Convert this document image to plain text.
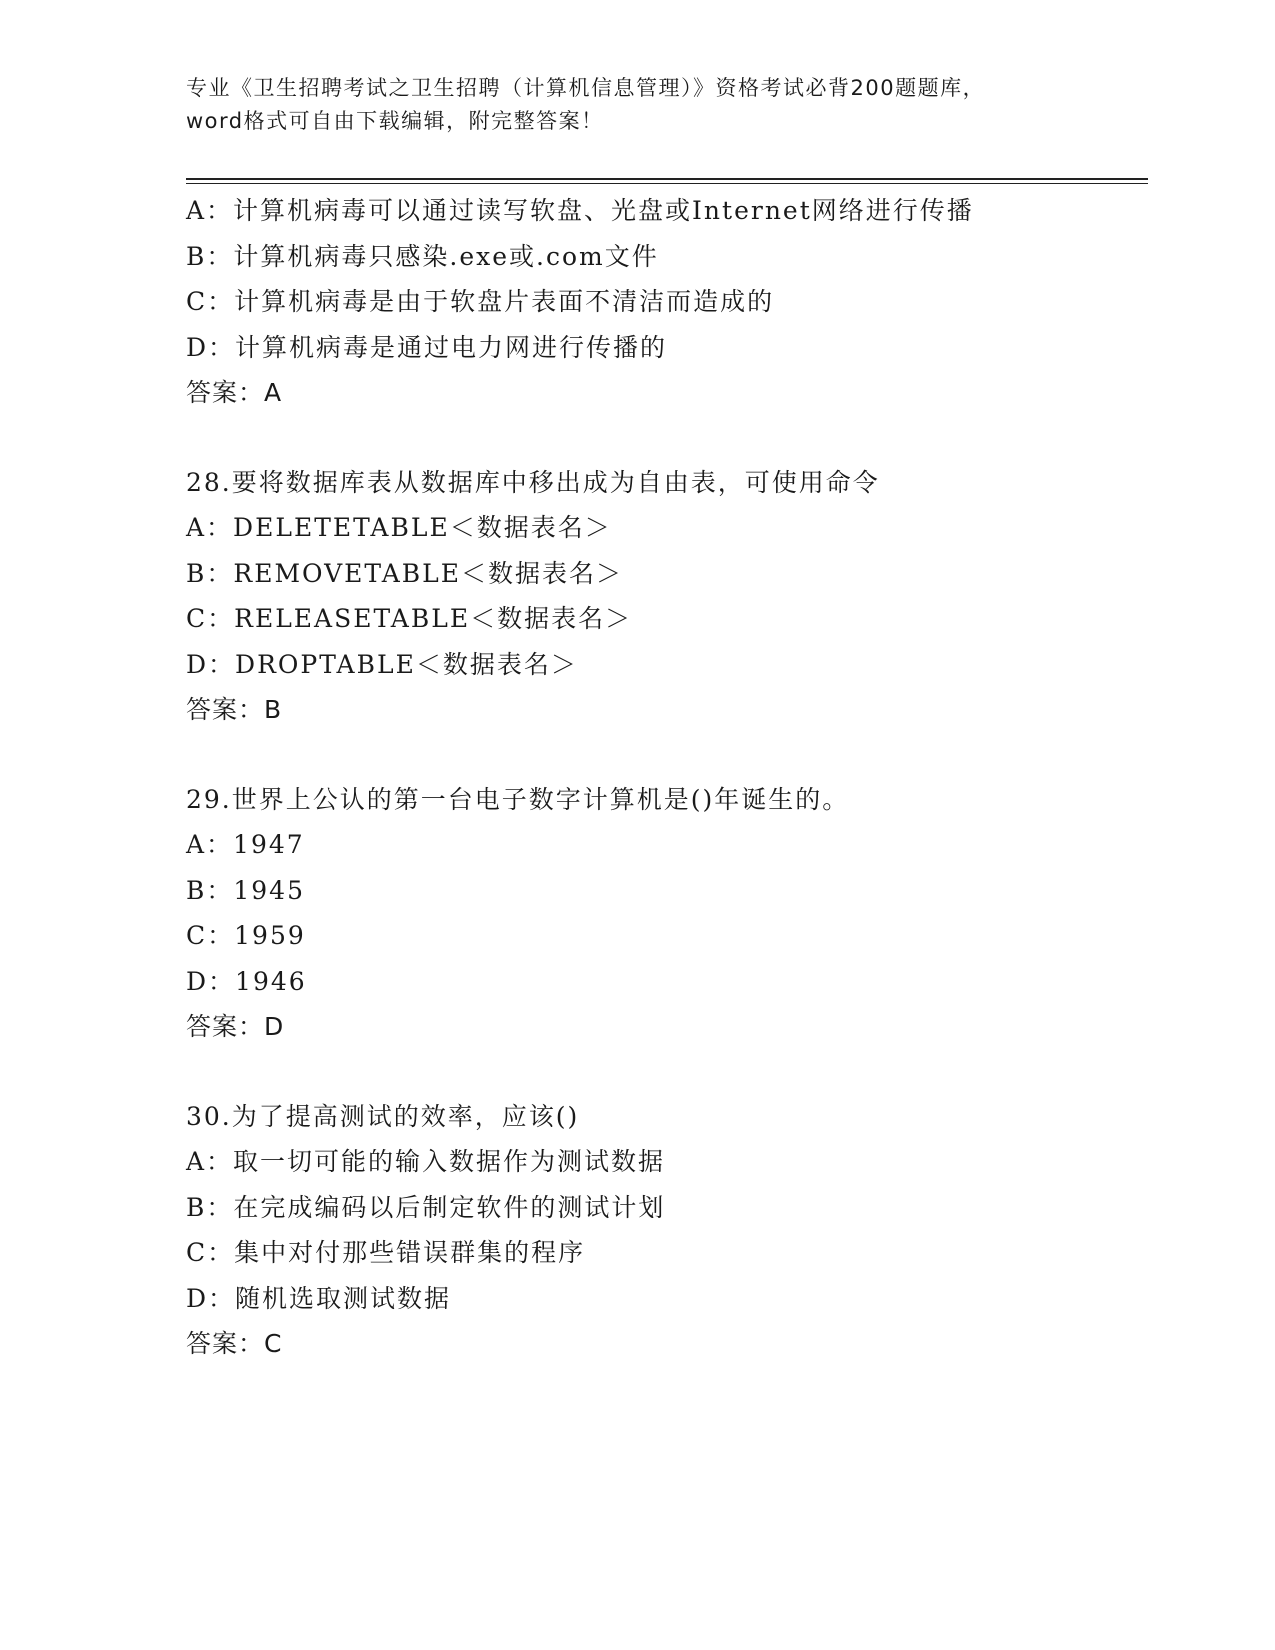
专业《卫生招聘考试之卫生招聘（计算机信息管理）》资格考试必背200题题库，

word格式可自由下载编辑，附完整答案！

A：计算机病毒可以通过读写软盘、光盘或Internet网络进行传播
B：计算机病毒只感染.exe或.com文件
C：计算机病毒是由于软盘片表面不清洁而造成的
D：计算机病毒是通过电力网进行传播的
答案：A
28.要将数据库表从数据库中移出成为自由表，可使用命令
A：DELETETABLE＜数据表名＞
B：REMOVETABLE＜数据表名＞
C：RELEASETABLE＜数据表名＞
D：DROPTABLE＜数据表名＞
答案：B
29.世界上公认的第一台电子数字计算机是()年诞生的。
A：1947
B：1945
C：1959
D：1946
答案：D
30.为了提高测试的效率，应该()
A：取一切可能的输入数据作为测试数据
B：在完成编码以后制定软件的测试计划
C：集中对付那些错误群集的程序
D：随机选取测试数据
答案：C
